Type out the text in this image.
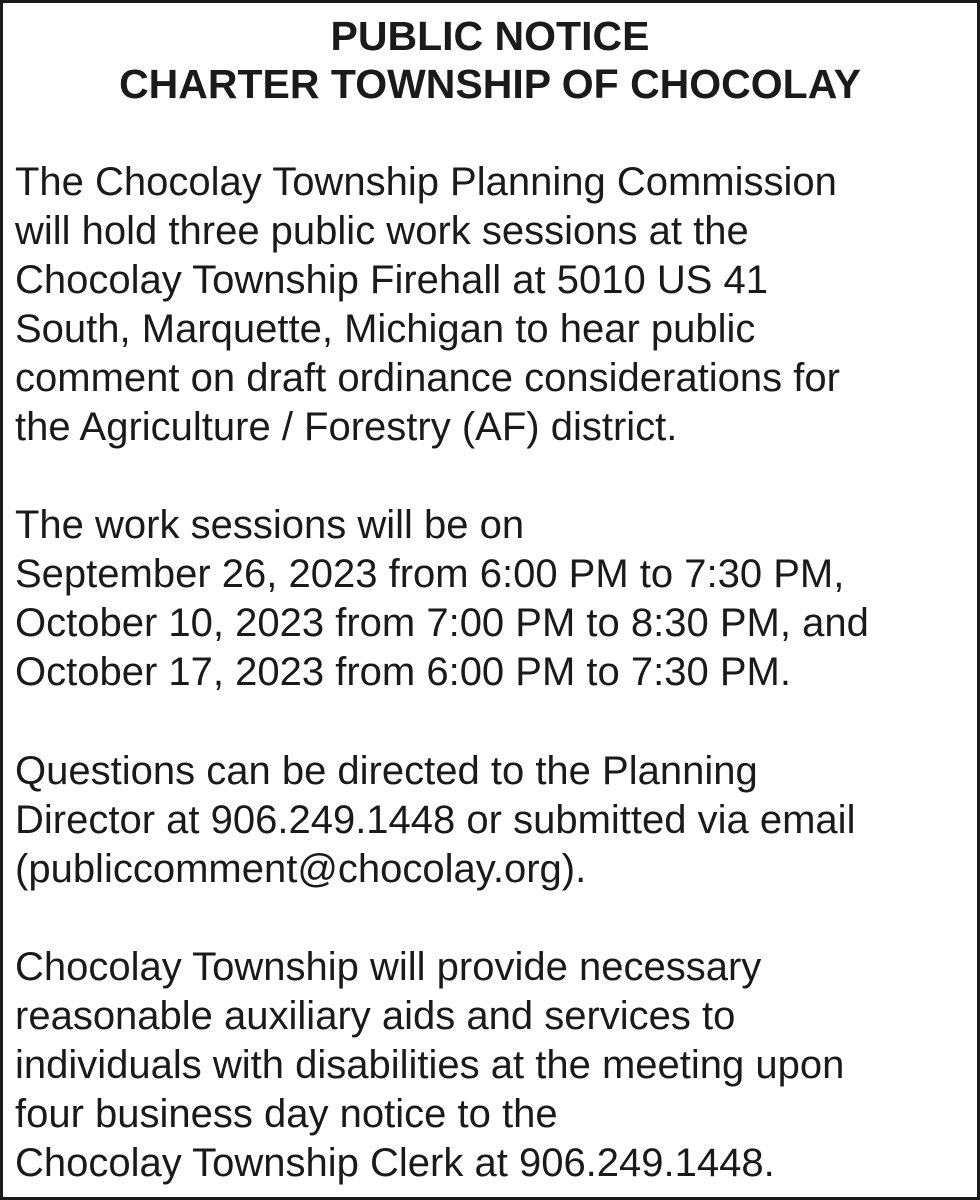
PUBLIC NOTICE
CHARTER TOWNSHIP OF CHOCOLAY
The Chocolay Township Planning Commission
will hold three public work sessions at the
Chocolay Township Firehall at 5010 US 41
South, Marquette, Michigan to hear public
comment on draft ordinance considerations for
the Agriculture / Forestry (AF) district.
The work sessions will be on
September 26, 2023 from 6:00 PM to 7:30 PM,
October 10, 2023 from 7:00 PM to 8:30 PM, and
October 17, 2023 from 6:00 PM to 7:30 PM.
Questions can be directed to the Planning
Director at 906.249.1448 or submitted via email
(publiccomment@chocolay.org).
Chocolay Township will provide necessary
reasonable auxiliary aids and services to
individuals with disabilities at the meeting upon
four business day notice to the
Chocolay Township Clerk at 906.249.1448.
